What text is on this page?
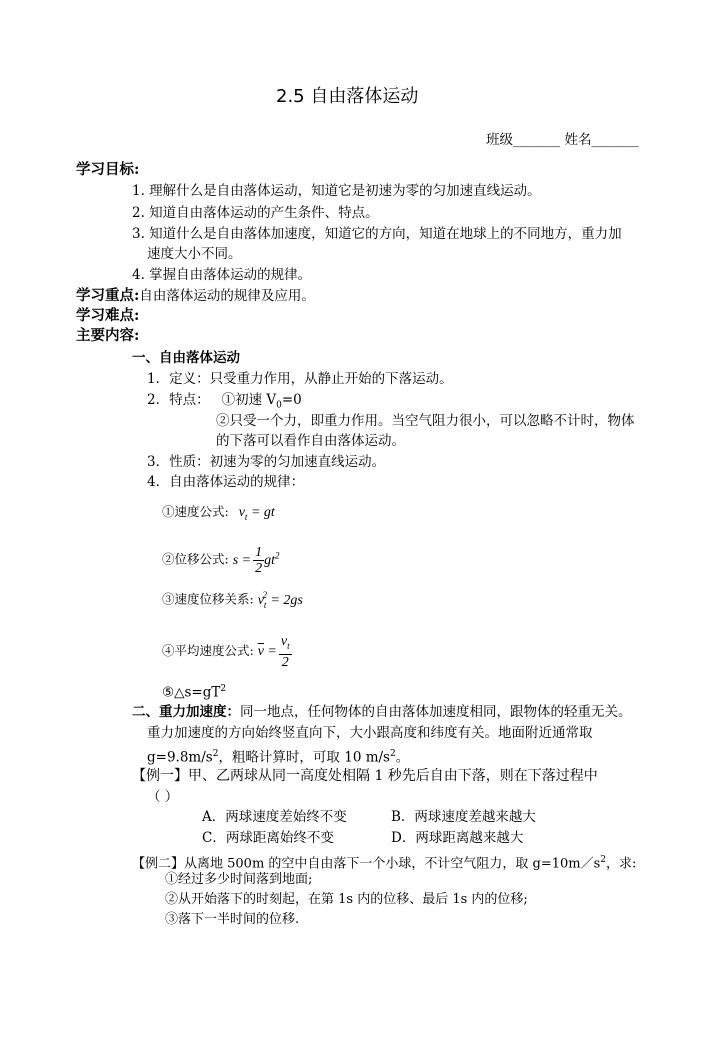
2.5 自由落体运动
班级_______ 姓名_______
学习目标:
1. 理解什么是自由落体运动，知道它是初速为零的匀加速直线运动。
2. 知道自由落体运动的产生条件、特点。
3. 知道什么是自由落体加速度，知道它的方向，知道在地球上的不同地方，重力加
速度大小不同。
4. 掌握自由落体运动的规律。
学习重点:自由落体运动的规律及应用。
学习难点:
主要内容:
一、自由落体运动
1．定义：只受重力作用，从静止开始的下落运动。
2．特点： ①初速 $V_0=0$
②只受一个力，即重力作用。当空气阻力很小，可以忽略不计时，物体
的下落可以看作自由落体运动。
3．性质：初速为零的匀加速直线运动。
4．自由落体运动的规律：
①速度公式: $v_t$ = gt
②位移公式: $s = \frac{1}{2} gt^2$
③速度位移关系: $v_t^2 = 2gs$
④平均速度公式: $\overline{v} = \frac{v_t}{2}$
$⑤\triangle s=gT^2$
二、重力加速度：同一地点，任何物体的自由落体加速度相同，跟物体的轻重无关。
重力加速度的方向始终竖直向下，大小跟高度和纬度有关。地面附近通常取
$g=9.8m/s^2$，粗略计算时，可取 10 $m/s^2$。
【例一】甲、乙两球从同一高度处相隔 1 秒先后自由下落，则在下落过程中
（ ）
A．两球速度差始终不变	B．两球速度差越来越大
C．两球距离始终不变	D．两球距离越来越大
【例二】从离地 500m 的空中自由落下一个小球，不计空气阻力，取 $g=10m/s^2$，求:
①经过多少时间落到地面;
②从开始落下的时刻起，在第 1s 内的位移、最后 1s 内的位移;
③落下一半时间的位移.
